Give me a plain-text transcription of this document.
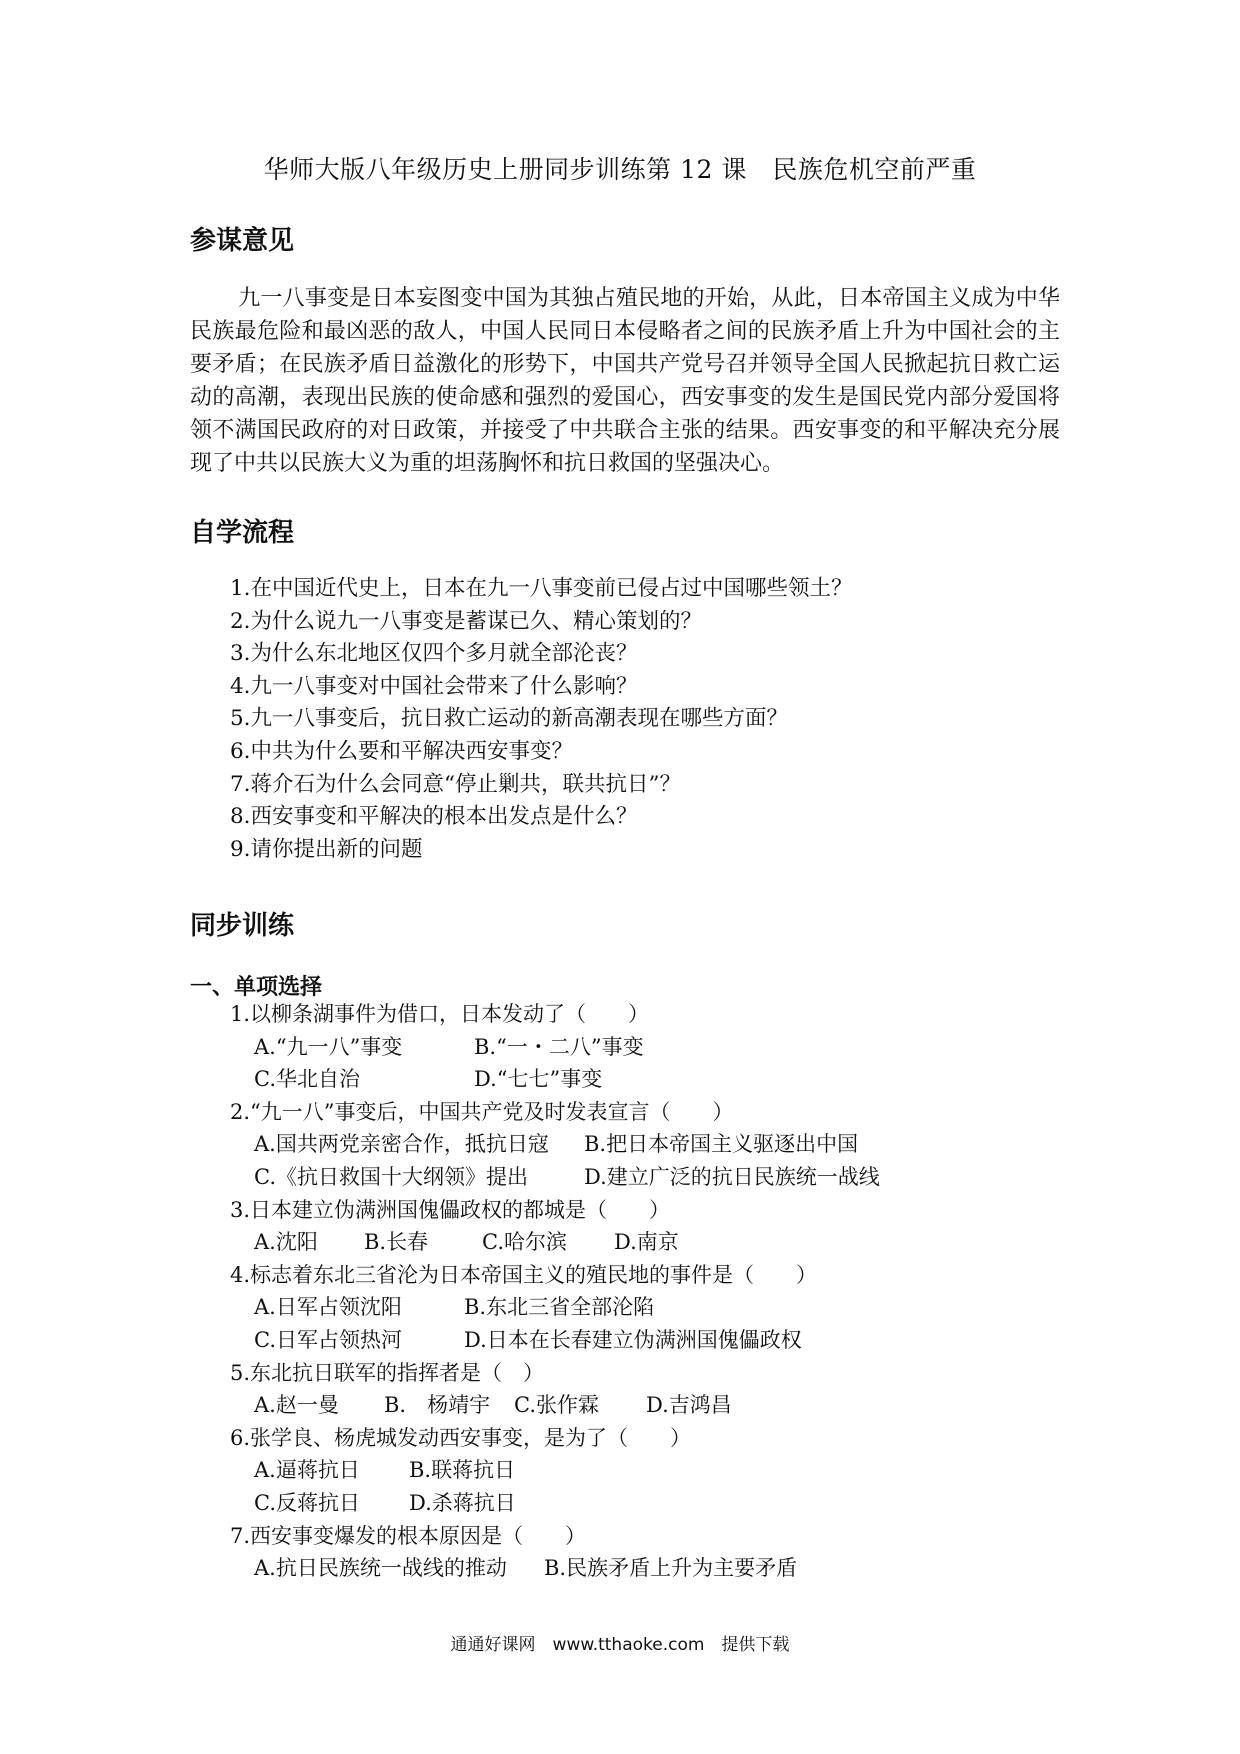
华师大版八年级历史上册同步训练第 12 课　民族危机空前严重
参谋意见
九一八事变是日本妄图变中国为其独占殖民地的开始，从此，日本帝国主义成为中华民族最危险和最凶恶的敌人，中国人民同日本侵略者之间的民族矛盾上升为中国社会的主要矛盾；在民族矛盾日益激化的形势下，中国共产党号召并领导全国人民掀起抗日救亡运动的高潮，表现出民族的使命感和强烈的爱国心，西安事变的发生是国民党内部分爱国将领不满国民政府的对日政策，并接受了中共联合主张的结果。西安事变的和平解决充分展现了中共以民族大义为重的坦荡胸怀和抗日救国的坚强决心。
自学流程
1.在中国近代史上，日本在九一八事变前已侵占过中国哪些领土？
2.为什么说九一八事变是蓄谋已久、精心策划的？
3.为什么东北地区仅四个多月就全部沦丧？
4.九一八事变对中国社会带来了什么影响？
5.九一八事变后，抗日救亡运动的新高潮表现在哪些方面？
6.中共为什么要和平解决西安事变？
7.蒋介石为什么会同意“停止剿共，联共抗日”？
8.西安事变和平解决的根本出发点是什么？
9.请你提出新的问题
同步训练
一、单项选择
1.以柳条湖事件为借口，日本发动了（　　）
A.“九一八”事变	B.“一・二八”事变
C.华北自治	D.“七七”事变
2.“九一八”事变后，中国共产党及时发表宣言（　　）
A.国共两党亲密合作，抵抗日寇 B.把日本帝国主义驱逐出中国
C.《抗日救国十大纲领》提出	D.建立广泛的抗日民族统一战线
3.日本建立伪满洲国傀儡政权的都城是（　　）
A.沈阳 B.长春	C.哈尔滨 D.南京
4.标志着东北三省沦为日本帝国主义的殖民地的事件是（　　）
A.日军占领沈阳	B.东北三省全部沦陷
C.日军占领热河	D.日本在长春建立伪满洲国傀儡政权
5.东北抗日联军的指挥者是（　）
A.赵一曼 B.　杨靖宇 C.张作霖 D.吉鸿昌
6.张学良、杨虎城发动西安事变，是为了（　　）
A.逼蒋抗日 B.联蒋抗日
C.反蒋抗日 D.杀蒋抗日
7.西安事变爆发的根本原因是（　　）
A.抗日民族统一战线的推动 B.民族矛盾上升为主要矛盾
通通好课网　www.tthaoke.com　提供下载
